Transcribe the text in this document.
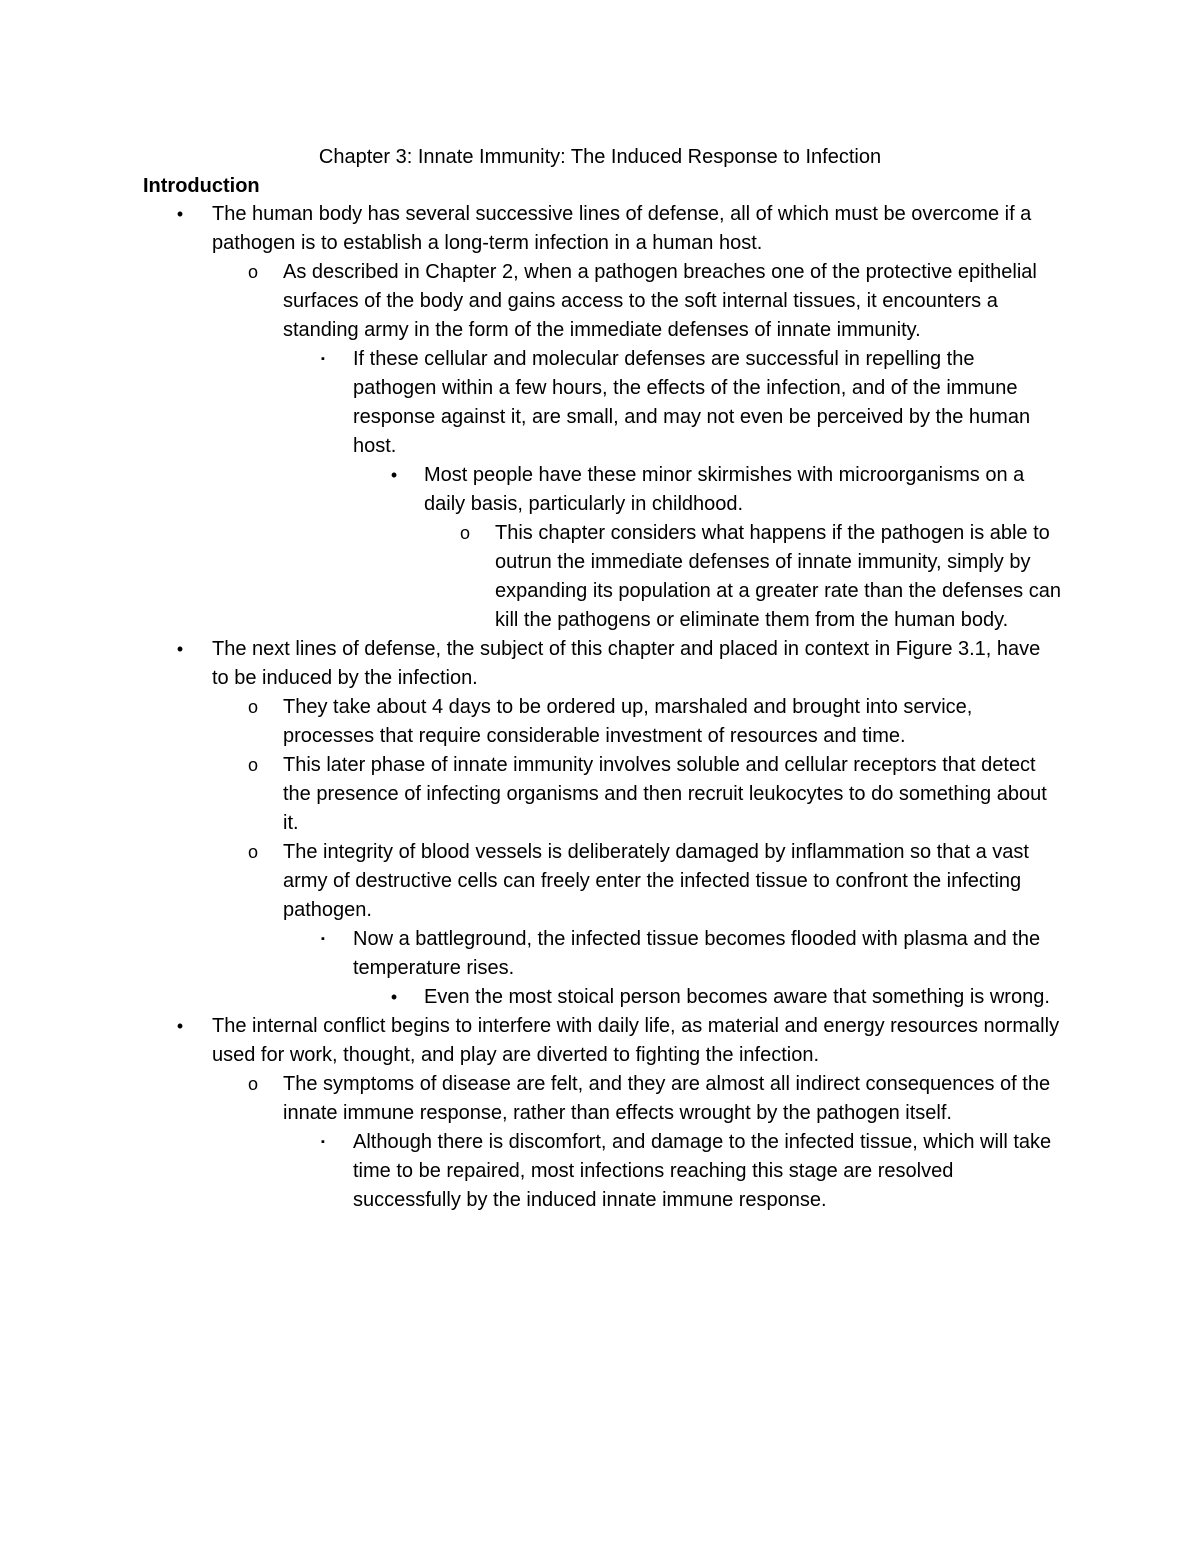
Chapter 3: Innate Immunity: The Induced Response to Infection
Introduction
•	The human body has several successive lines of defense, all of which must be overcome if a pathogen is to establish a long-term infection in a human host.
o As described in Chapter 2, when a pathogen breaches one of the protective epithelial surfaces of the body and gains access to the soft internal tissues, it encounters a standing army in the form of the immediate defenses of innate immunity.
▪	If these cellular and molecular defenses are successful in repelling the pathogen within a few hours, the effects of the infection, and of the immune response against it, are small, and may not even be perceived by the human host.
•	Most people have these minor skirmishes with microorganisms on a daily basis, particularly in childhood.
o This chapter considers what happens if the pathogen is able to outrun the immediate defenses of innate immunity, simply by expanding its population at a greater rate than the defenses can kill the pathogens or eliminate them from the human body.
•	The next lines of defense, the subject of this chapter and placed in context in Figure 3.1, have to be induced by the infection.
o They take about 4 days to be ordered up, marshaled and brought into service, processes that require considerable investment of resources and time.
o This later phase of innate immunity involves soluble and cellular receptors that detect the presence of infecting organisms and then recruit leukocytes to do something about it.
o The integrity of blood vessels is deliberately damaged by inflammation so that a vast army of destructive cells can freely enter the infected tissue to confront the infecting pathogen.
▪	Now a battleground, the infected tissue becomes flooded with plasma and the temperature rises.
•	Even the most stoical person becomes aware that something is wrong.
•	The internal conflict begins to interfere with daily life, as material and energy resources normally used for work, thought, and play are diverted to fighting the infection.
o The symptoms of disease are felt, and they are almost all indirect consequences of the innate immune response, rather than effects wrought by the pathogen itself.
▪	Although there is discomfort, and damage to the infected tissue, which will take time to be repaired, most infections reaching this stage are resolved successfully by the induced innate immune response.
